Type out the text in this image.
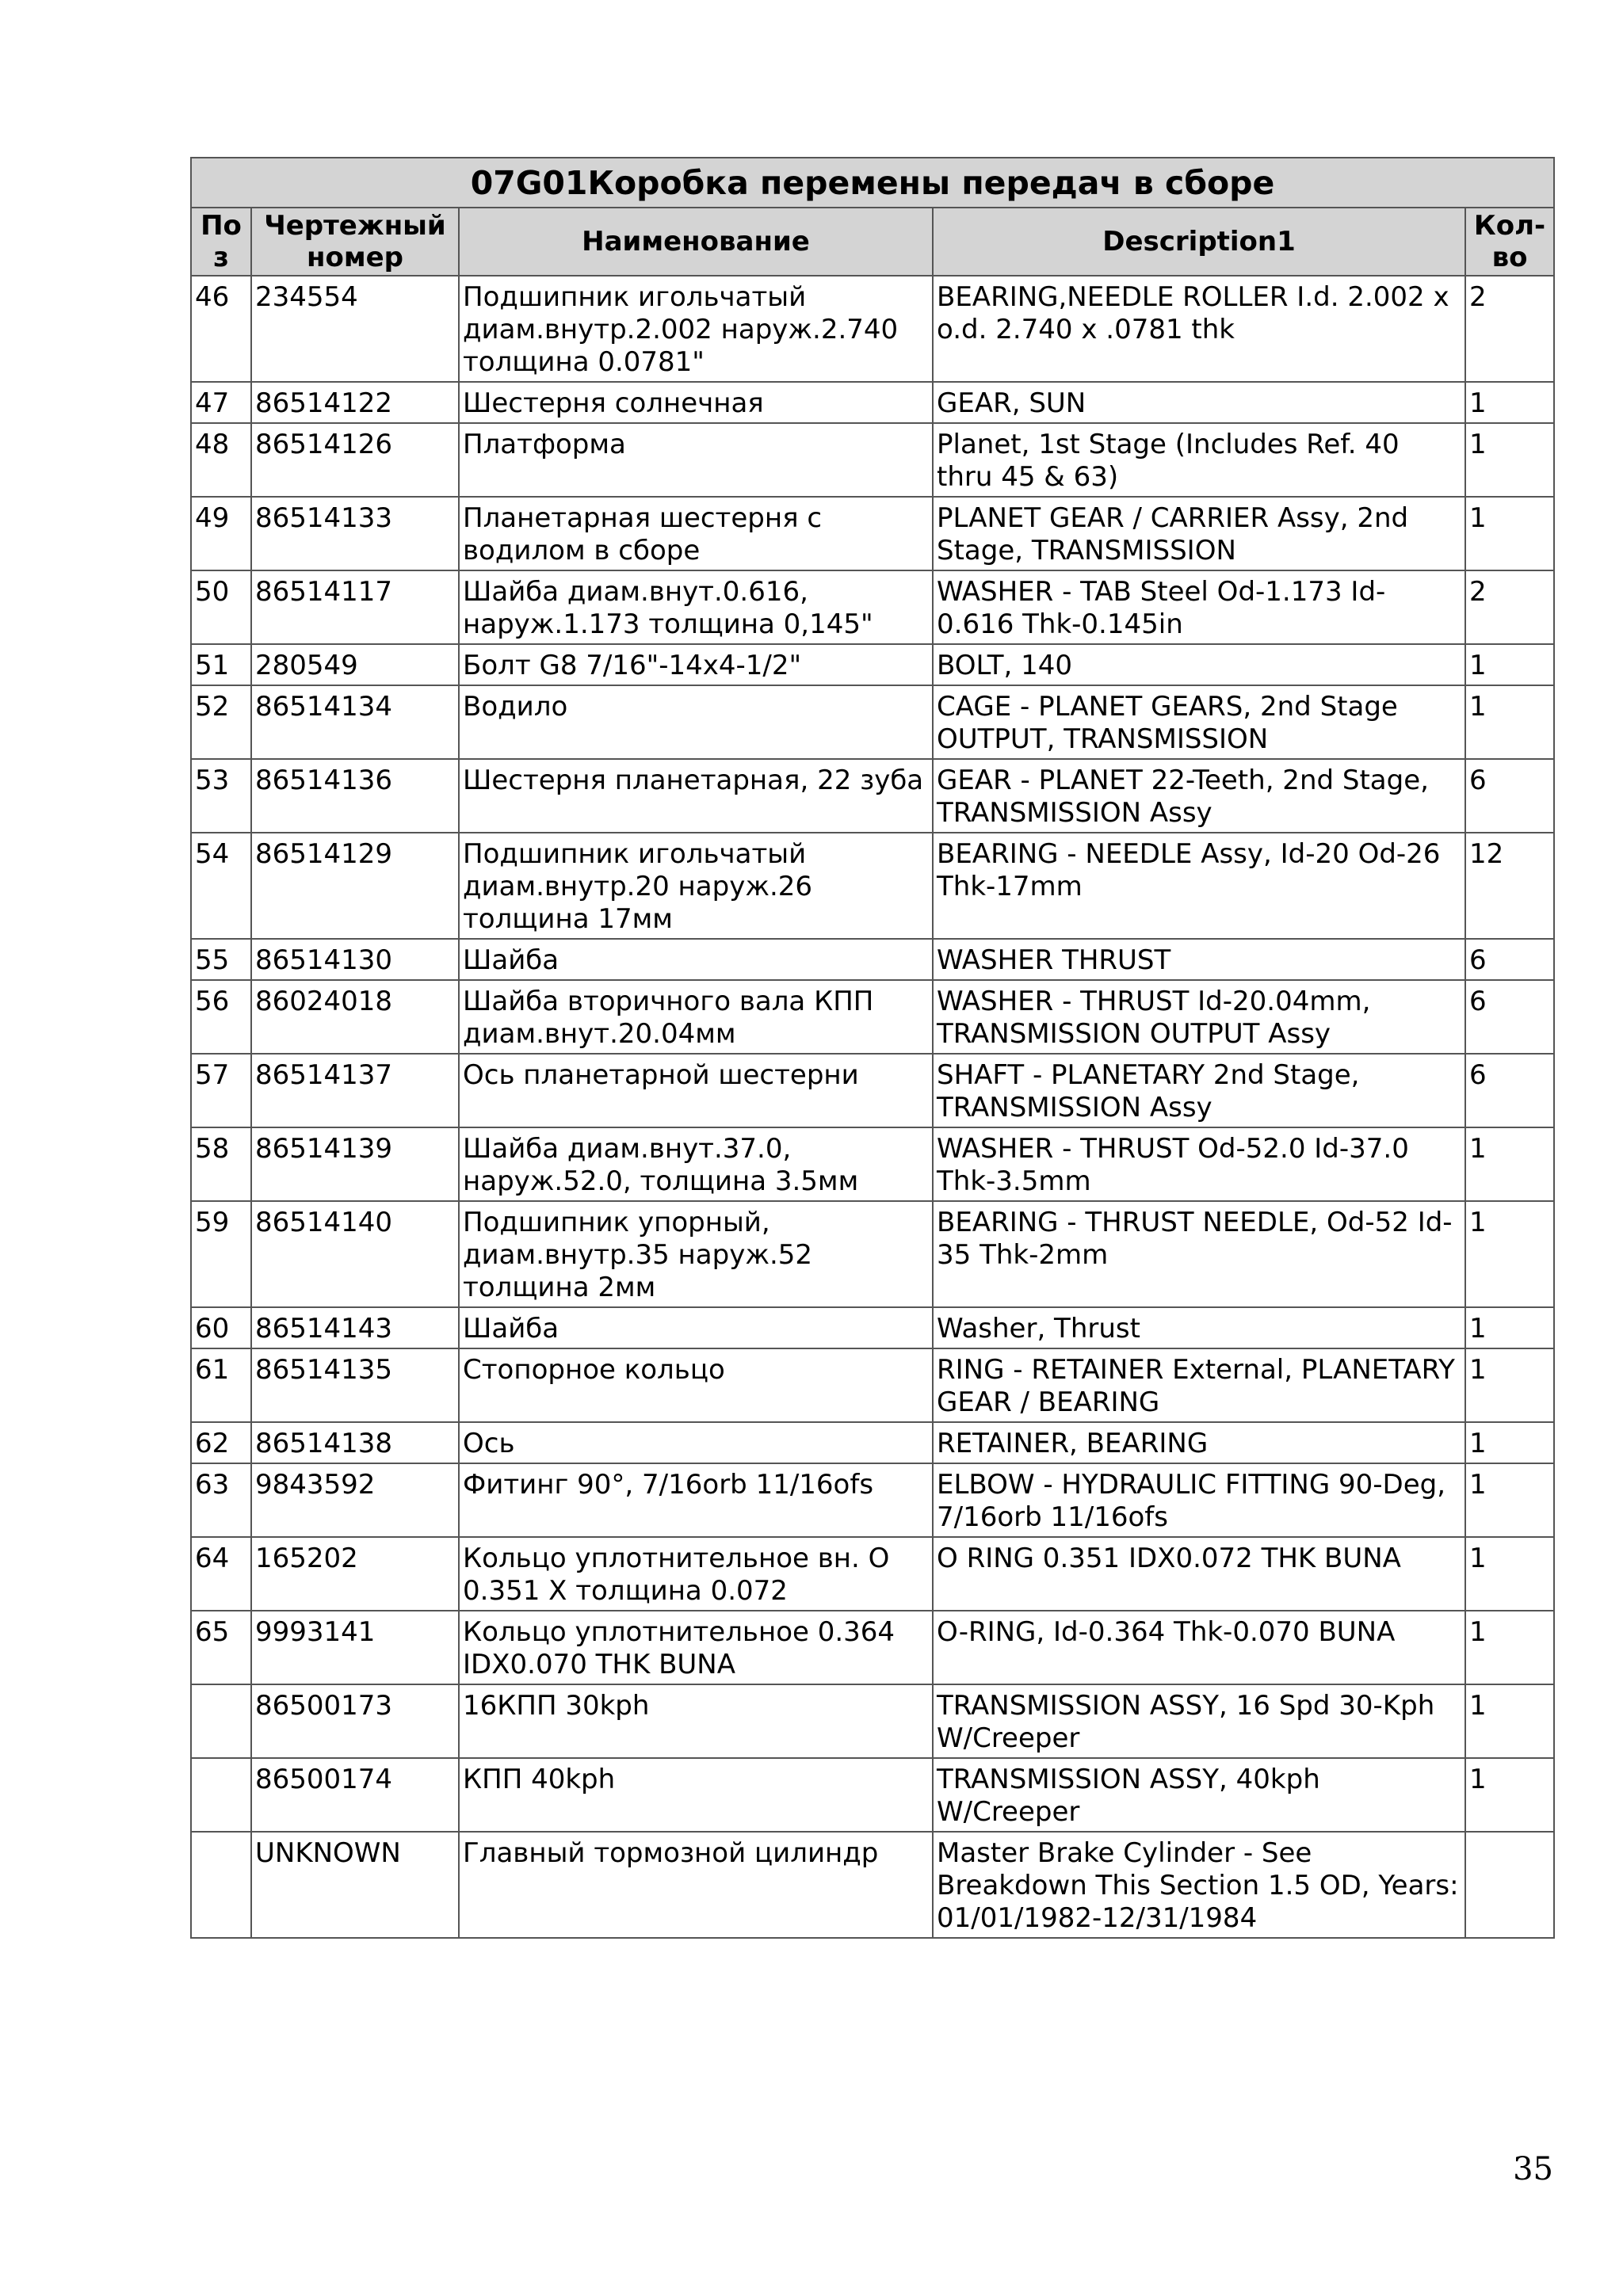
07G01Коробка перемены передач в сборе				
Поз	Чертежный номер	Наименование	Description1	Кол-во
46	234554	Подшипник игольчатый диам.внутр.2.002 наруж.2.740 толщина 0.0781"	BEARING,NEEDLE ROLLER I.d. 2.002 x o.d. 2.740 x .0781 thk	2
47	86514122	Шестерня солнечная	GEAR, SUN	1
48	86514126	Платформа	Planet, 1st Stage (Includes Ref. 40 thru 45 & 63)	1
49	86514133	Планетарная шестерня с водилом в сборе	PLANET GEAR / CARRIER Assy, 2nd Stage, TRANSMISSION	1
50	86514117	Шайба диам.внут.0.616, наруж.1.173 толщина 0,145"	WASHER - TAB Steel Od-1.173 Id-0.616 Thk-0.145in	2
51	280549	Болт G8 7/16"-14x4-1/2"	BOLT, 140	1
52	86514134	Водило	CAGE - PLANET GEARS, 2nd Stage OUTPUT, TRANSMISSION	1
53	86514136	Шестерня планетарная, 22 зуба	GEAR - PLANET 22-Teeth, 2nd Stage, TRANSMISSION Assy	6
54	86514129	Подшипник игольчатый диам.внутр.20 наруж.26 толщина 17мм	BEARING - NEEDLE Assy, Id-20 Od-26 Thk-17mm	12
55	86514130	Шайба	WASHER THRUST	6
56	86024018	Шайба вторичного вала КПП диам.внут.20.04мм	WASHER - THRUST Id-20.04mm, TRANSMISSION OUTPUT Assy	6
57	86514137	Ось планетарной шестерни	SHAFT - PLANETARY 2nd Stage, TRANSMISSION Assy	6
58	86514139	Шайба диам.внут.37.0, наруж.52.0, толщина 3.5мм	WASHER - THRUST Od-52.0 Id-37.0 Thk-3.5mm	1
59	86514140	Подшипник упорный, диам.внутр.35 наруж.52 толщина 2мм	BEARING - THRUST NEEDLE, Od-52 Id-35 Thk-2mm	1
60	86514143	Шайба	Washer, Thrust	1
61	86514135	Стопорное кольцо	RING - RETAINER External, PLANETARY GEAR / BEARING	1
62	86514138	Ось	RETAINER, BEARING	1
63	9843592	Фитинг 90°, 7/16orb 11/16ofs	ELBOW - HYDRAULIC FITTING 90-Deg, 7/16orb 11/16ofs	1
64	165202	Кольцо уплотнительное вн. О 0.351 Х толщина 0.072	O RING 0.351 IDX0.072 THK BUNA	1
65	9993141	Кольцо уплотнительное 0.364 IDX0.070 THK BUNA	O-RING, Id-0.364 Thk-0.070 BUNA	1
	86500173	16КПП 30kph	TRANSMISSION ASSY, 16 Spd 30-Kph W/Creeper	1
	86500174	КПП 40kph	TRANSMISSION ASSY, 40kph W/Creeper	1
	UNKNOWN	Главный тормозной цилиндр	Master Brake Cylinder - See Breakdown This Section 1.5 OD, Years: 01/01/1982-12/31/1984	
35
